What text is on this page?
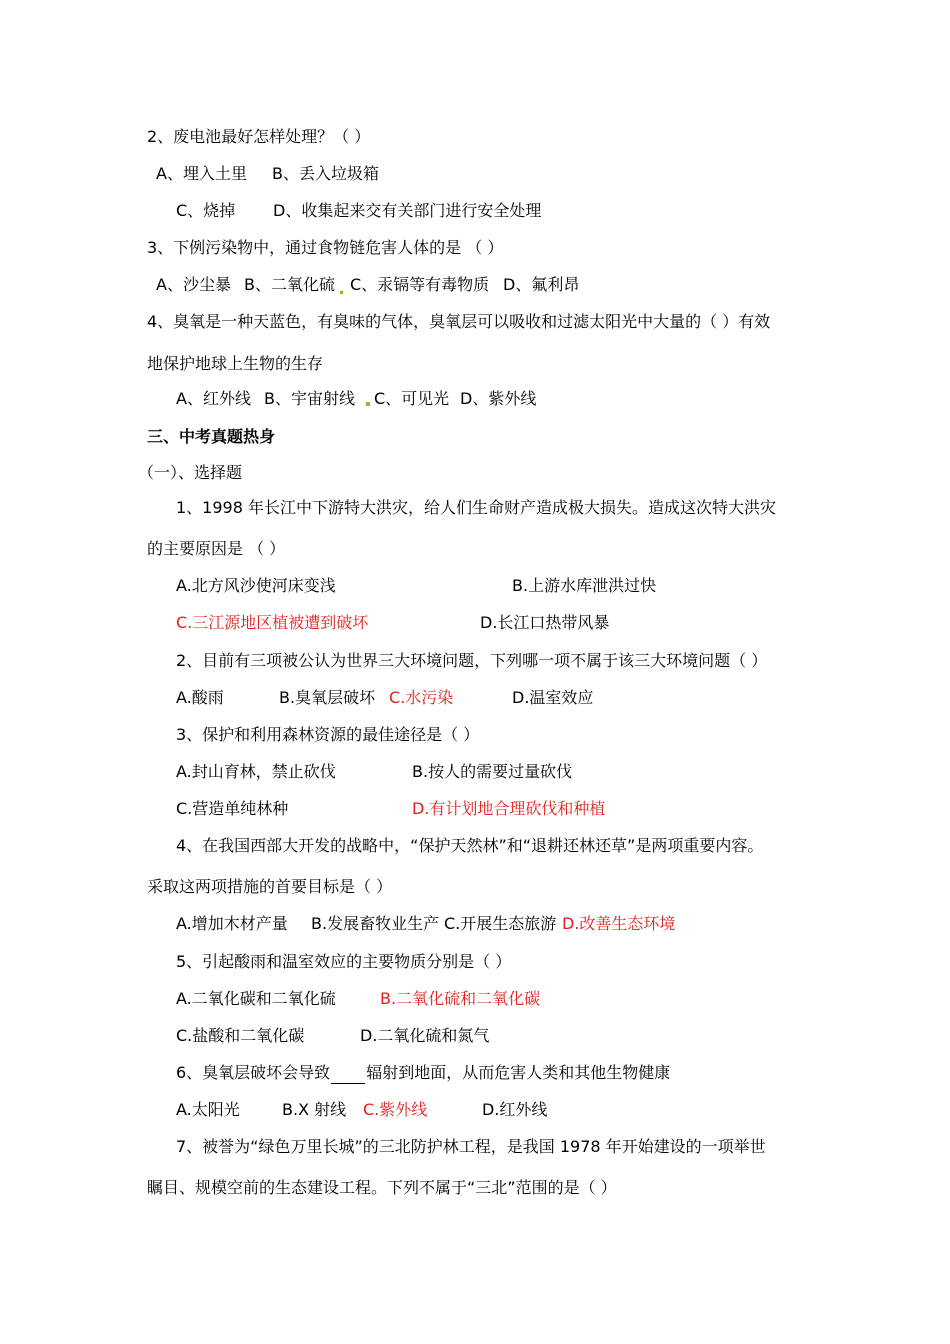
2、废电池最好怎样处理？（ ）
A、埋入土里 B、丢入垃圾箱
C、烧掉 D、收集起来交有关部门进行安全处理
3、下例污染物中，通过食物链危害人体的是 （ ）
A、沙尘暴 B、二氧化硫 C、汞镉等有毒物质 D、氟利昂
4、臭氧是一种天蓝色，有臭味的气体，臭氧层可以吸收和过滤太阳光中大量的（ ）有效
地保护地球上生物的生存
A、红外线 B、宇宙射线 C、可见光 D、紫外线
三、中考真题热身
（一）、选择题
1、1998 年长江中下游特大洪灾，给人们生命财产造成极大损失。造成这次特大洪灾
的主要原因是 （ ）
A.北方风沙使河床变浅	B.上游水库泄洪过快
C.三江源地区植被遭到破坏	D.长江口热带风暴
2、目前有三项被公认为世界三大环境问题，下列哪一项不属于该三大环境问题（ ）
A.酸雨	B.臭氧层破坏 C.水污染	D.温室效应
3、保护和利用森林资源的最佳途径是（ ）
A.封山育林，禁止砍伐	B.按人的需要过量砍伐
C.营造单纯林种	D.有计划地合理砍伐和种植
4、在我国西部大开发的战略中，“保护天然林”和“退耕还林还草”是两项重要内容。
采取这两项措施的首要目标是（ ）
A.增加木材产量 B.发展畜牧业生产 C.开展生态旅游 D.改善生态环境
5、引起酸雨和温室效应的主要物质分别是（ ）
A.二氧化碳和二氧化硫	B.二氧化硫和二氧化碳
C.盐酸和二氧化碳	D.二氧化硫和氮气
6、臭氧层破坏会导致 辐射到地面，从而危害人类和其他生物健康
A.太阳光	B.X 射线 C.紫外线	D.红外线
7、被誉为“绿色万里长城”的三北防护林工程，是我国 1978 年开始建设的一项举世
瞩目、规模空前的生态建设工程。下列不属于“三北”范围的是（ ）
